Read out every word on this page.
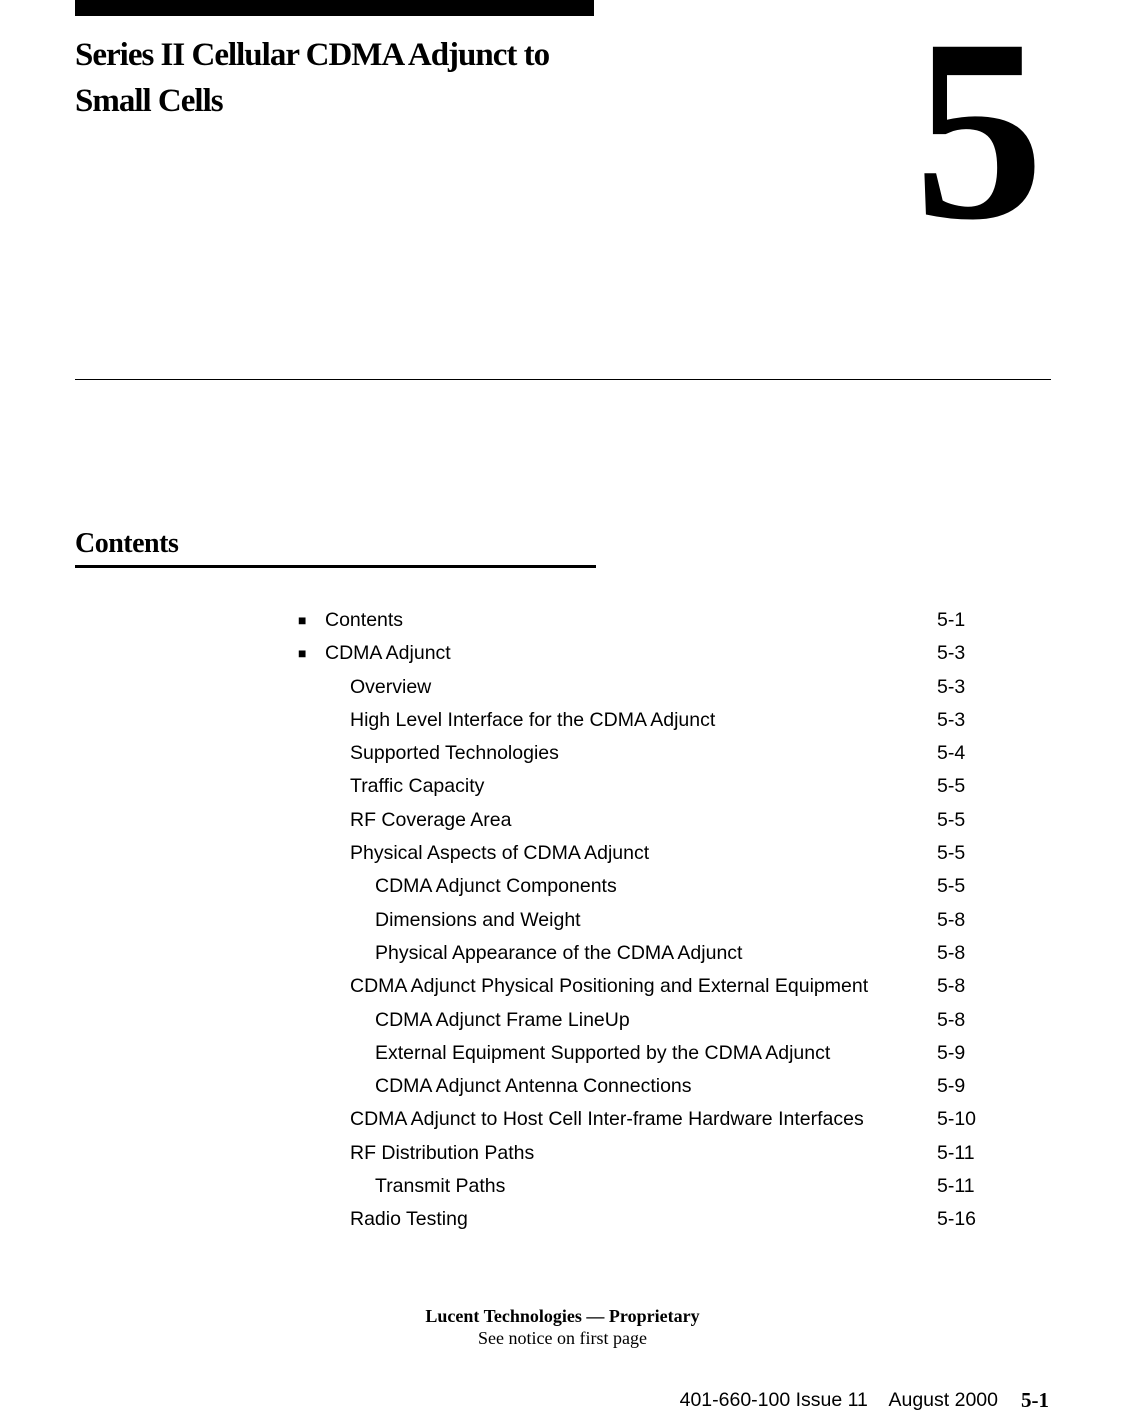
Series II Cellular CDMA Adjunct to
Small Cells	5
Contents
■ Contents	5-1
■ CDMA Adjunct	5-3
Overview	5-3
High Level Interface for the CDMA Adjunct	5-3
Supported Technologies	5-4
Traffic Capacity	5-5
RF Coverage Area	5-5
Physical Aspects of CDMA Adjunct	5-5
CDMA Adjunct Components	5-5
Dimensions and Weight	5-8
Physical Appearance of the CDMA Adjunct	5-8
CDMA Adjunct Physical Positioning and External Equipment	5-8
CDMA Adjunct Frame LineUp	5-8
External Equipment Supported by the CDMA Adjunct	5-9
CDMA Adjunct Antenna Connections	5-9
CDMA Adjunct to Host Cell Inter-frame Hardware Interfaces	5-10
RF Distribution Paths	5-11
Transmit Paths	5-11
Radio Testing	5-16
Lucent Technologies — Proprietary
See notice on first page
401-660-100 Issue 11    August 2000 5-1
